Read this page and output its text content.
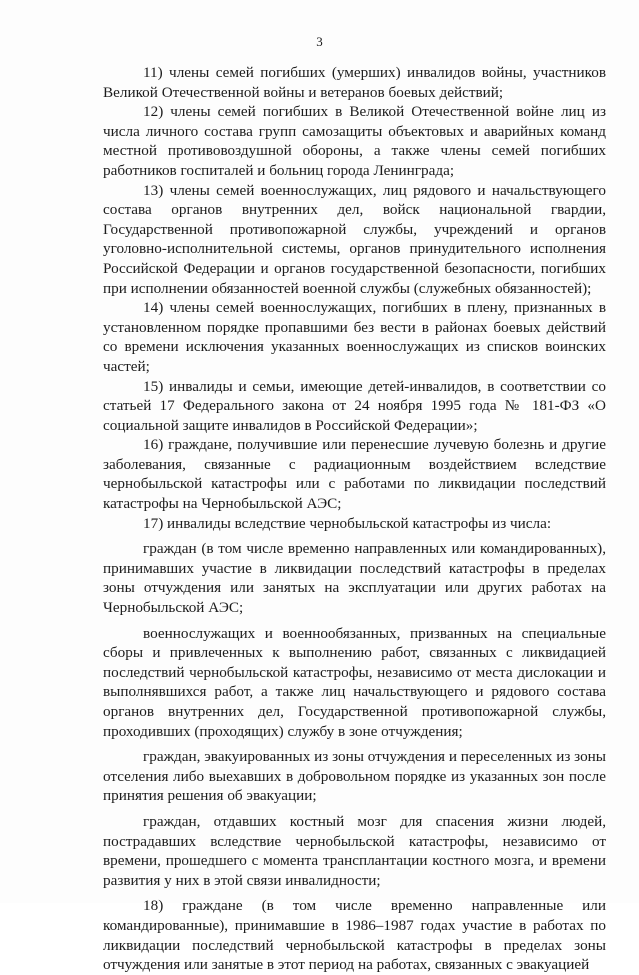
3

11) члены семей погибших (умерших) инвалидов войны, участников Великой Отечественной войны и ветеранов боевых действий;

12) члены семей погибших в Великой Отечественной войне лиц из числа личного состава групп самозащиты объектовых и аварийных команд местной противовоздушной обороны, а также члены семей погибших работников госпиталей и больниц города Ленинграда;

13) члены семей военнослужащих, лиц рядового и начальствующего состава органов внутренних дел, войск национальной гвардии, Государственной противопожарной службы, учреждений и органов уголовно-исполнительной системы, органов принудительного исполнения Российской Федерации и органов государственной безопасности, погибших при исполнении обязанностей военной службы (служебных обязанностей);

14) члены семей военнослужащих, погибших в плену, признанных в установленном порядке пропавшими без вести в районах боевых действий со времени исключения указанных военнослужащих из списков воинских частей;

15) инвалиды и семьи, имеющие детей-инвалидов, в соответствии со статьей 17 Федерального закона от 24 ноября 1995 года № 181-ФЗ «О социальной защите инвалидов в Российской Федерации»;

16) граждане, получившие или перенесшие лучевую болезнь и другие заболевания, связанные с радиационным воздействием вследствие чернобыльской катастрофы или с работами по ликвидации последствий катастрофы на Чернобыльской АЭС;

17) инвалиды вследствие чернобыльской катастрофы из числа:

граждан (в том числе временно направленных или командированных), принимавших участие в ликвидации последствий катастрофы в пределах зоны отчуждения или занятых на эксплуатации или других работах на Чернобыльской АЭС;

военнослужащих и военнообязанных, призванных на специальные сборы и привлеченных к выполнению работ, связанных с ликвидацией последствий чернобыльской катастрофы, независимо от места дислокации и выполнявшихся работ, а также лиц начальствующего и рядового состава органов внутренних дел, Государственной противопожарной службы, проходивших (проходящих) службу в зоне отчуждения;

граждан, эвакуированных из зоны отчуждения и переселенных из зоны отселения либо выехавших в добровольном порядке из указанных зон после принятия решения об эвакуации;

граждан, отдавших костный мозг для спасения жизни людей, пострадавших вследствие чернобыльской катастрофы, независимо от времени, прошедшего с момента трансплантации костного мозга, и времени развития у них в этой связи инвалидности;

18) граждане (в том числе временно направленные или командированные), принимавшие в 1986–1987 годах участие в работах по ликвидации последствий чернобыльской катастрофы в пределах зоны отчуждения или занятые в этот период на работах, связанных с эвакуацией
